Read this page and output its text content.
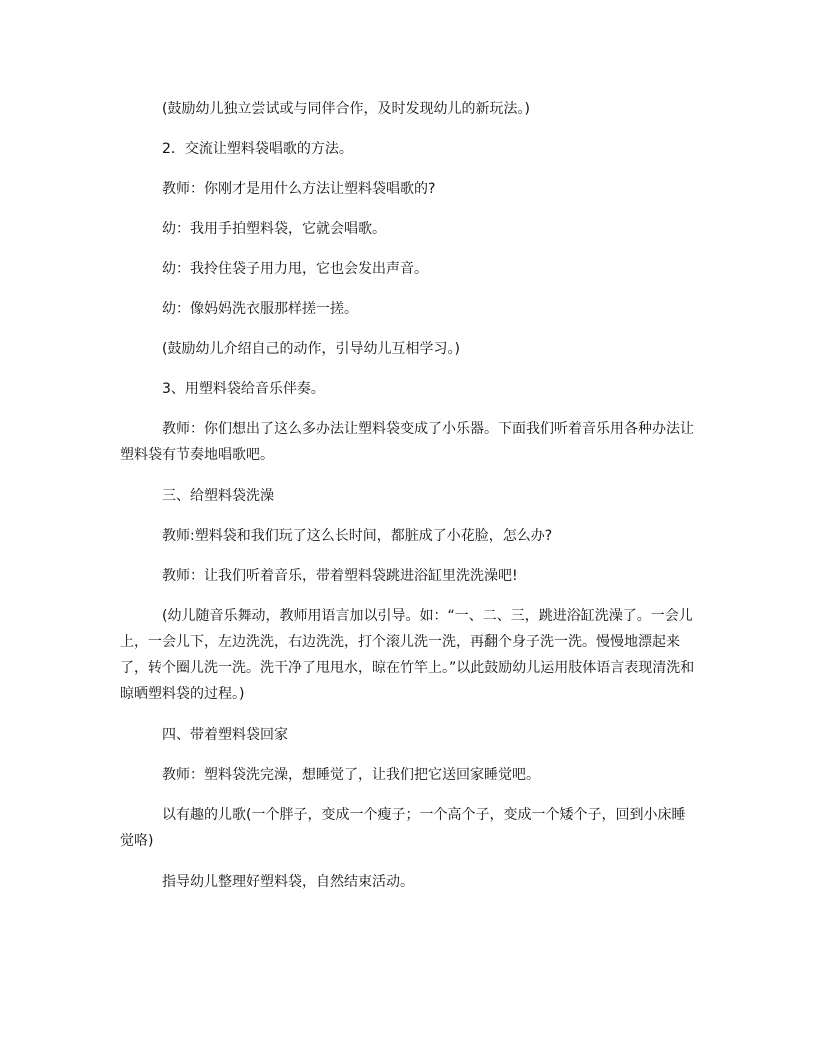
(鼓励幼儿独立尝试或与同伴合作，及时发现幼儿的新玩法。)

2．交流让塑料袋唱歌的方法。

教师：你刚才是用什么方法让塑料袋唱歌的?

幼：我用手拍塑料袋，它就会唱歌。

幼：我拎住袋子用力甩，它也会发出声音。

幼：像妈妈洗衣服那样搓一搓。

(鼓励幼儿介绍自己的动作，引导幼儿互相学习。)

3、用塑料袋给音乐伴奏。

教师：你们想出了这么多办法让塑料袋变成了小乐器。下面我们听着音乐用各种办法让塑料袋有节奏地唱歌吧。

三、给塑料袋洗澡

教师:塑料袋和我们玩了这么长时间，都脏成了小花脸，怎么办?

教师：让我们听着音乐，带着塑料袋跳进浴缸里洗洗澡吧!

(幼儿随音乐舞动，教师用语言加以引导。如：“一、二、三，跳进浴缸洗澡了。一会儿上，一会儿下，左边洗洗，右边洗洗，打个滚儿洗一洗，再翻个身子洗一洗。慢慢地漂起来了，转个圈儿洗一洗。洗干净了甩甩水，晾在竹竿上。”以此鼓励幼儿运用肢体语言表现清洗和晾晒塑料袋的过程。)

四、带着塑料袋回家

教师：塑料袋洗完澡，想睡觉了，让我们把它送回家睡觉吧。

以有趣的儿歌(一个胖子，变成一个瘦子；一个高个子，变成一个矮个子，回到小床睡觉咯)

指导幼儿整理好塑料袋，自然结束活动。
